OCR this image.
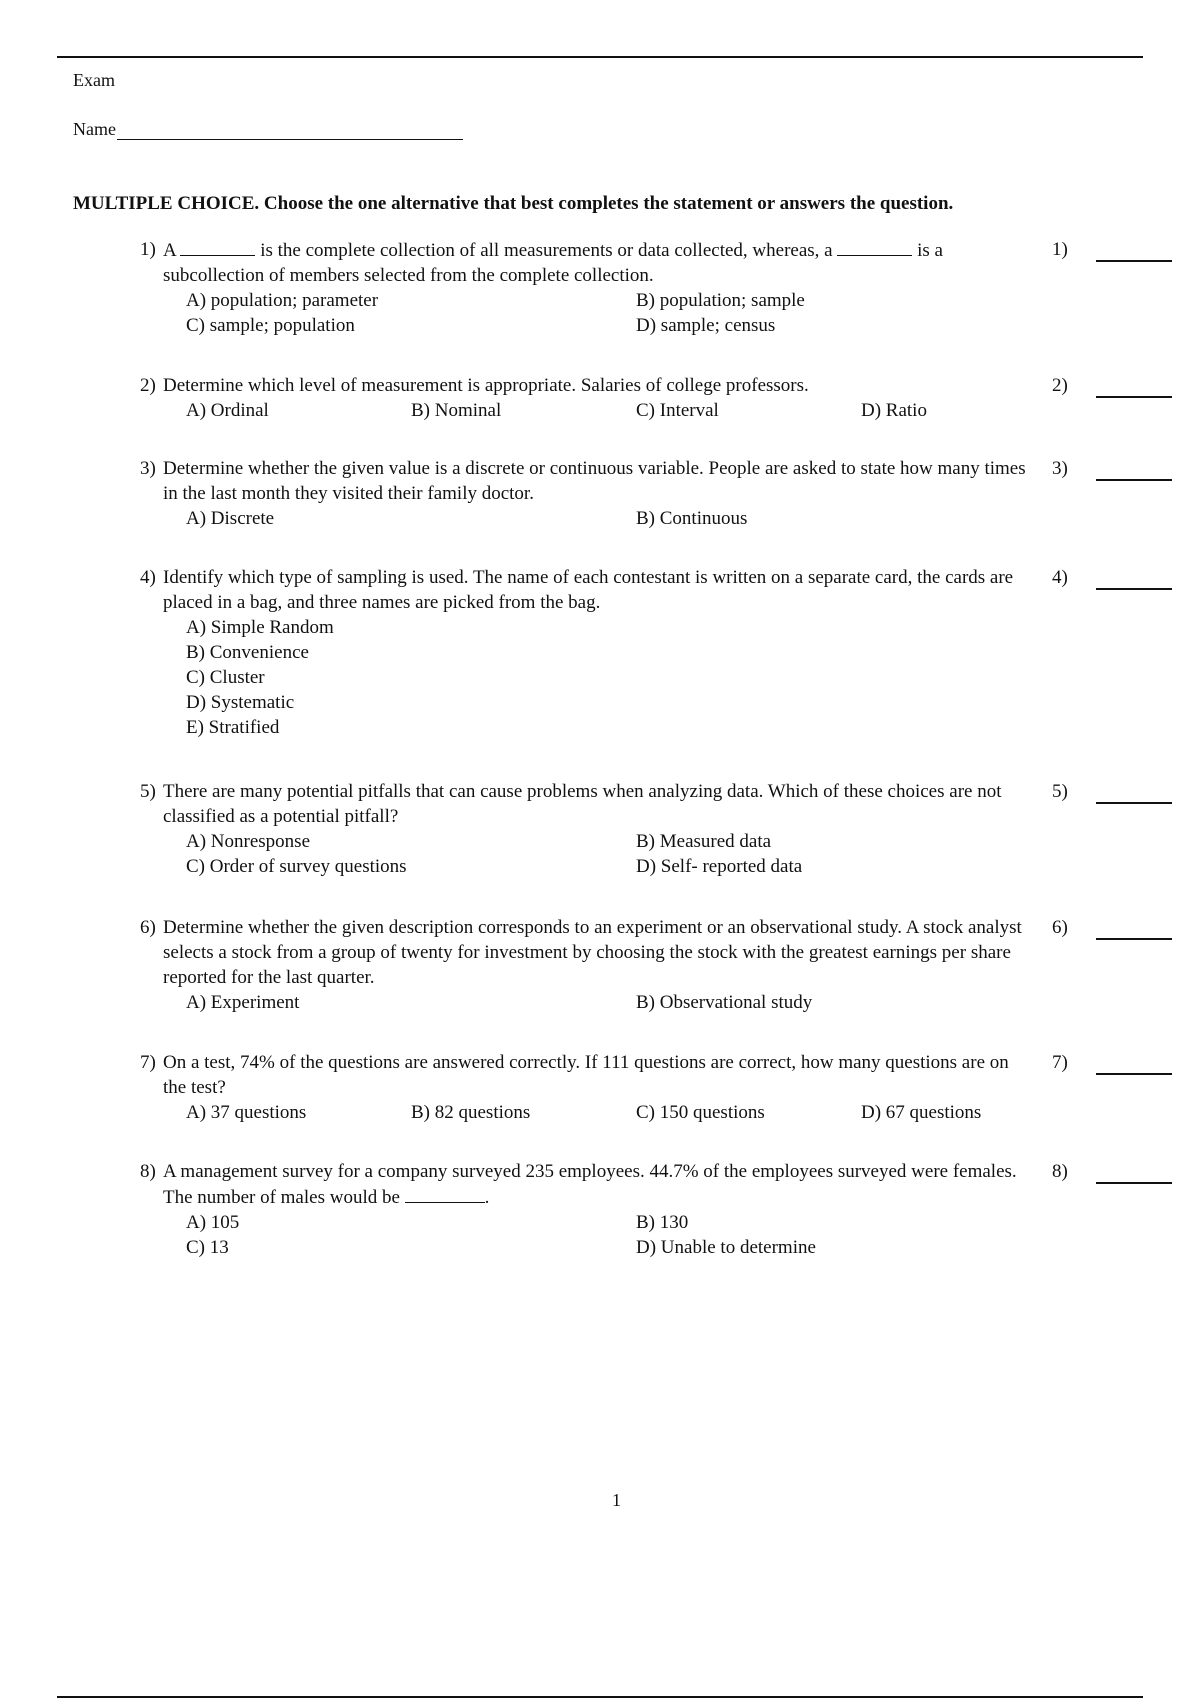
Exam
Name
MULTIPLE CHOICE. Choose the one alternative that best completes the statement or answers the question.
1) A	is the complete collection of all measurements or data collected, whereas, a	is a subcollection of members selected from the complete collection.
1)
A) population; parameter	B) population; sample
C) sample; population	D) sample; census
2) Determine which level of measurement is appropriate. Salaries of college professors.	2)
A) Ordinal	B) Nominal	C) Interval	D) Ratio
3) Determine whether the given value is a discrete or continuous variable. People are asked to state how many times in the last month they visited their family doctor.
3)
A) Discrete	B) Continuous
4) Identify which type of sampling is used. The name of each contestant is written on a separate card, the cards are placed in a bag, and three names are picked from the bag.
4)
A) Simple Random
B) Convenience
C) Cluster
D) Systematic
E) Stratified
5) There are many potential pitfalls that can cause problems when analyzing data. Which of these choices are not classified as a potential pitfall?
5)
A) Nonresponse	B) Measured data
C) Order of survey questions	D) Self- reported data
6) Determine whether the given description corresponds to an experiment or an observational study. A stock analyst selects a stock from a group of twenty for investment by choosing the stock with the greatest earnings per share reported for the last quarter.
6)
A) Experiment	B) Observational study
7) On a test, 74% of the questions are answered correctly. If 111 questions are correct, how many questions are on the test?
7)
A) 37 questions	B) 82 questions	C) 150 questions	D) 67 questions
8) A management survey for a company surveyed 235 employees. 44.7% of the employees surveyed were females. The number of males would be	.
8)
A) 105	B) 130
C) 13	D) Unable to determine
1
